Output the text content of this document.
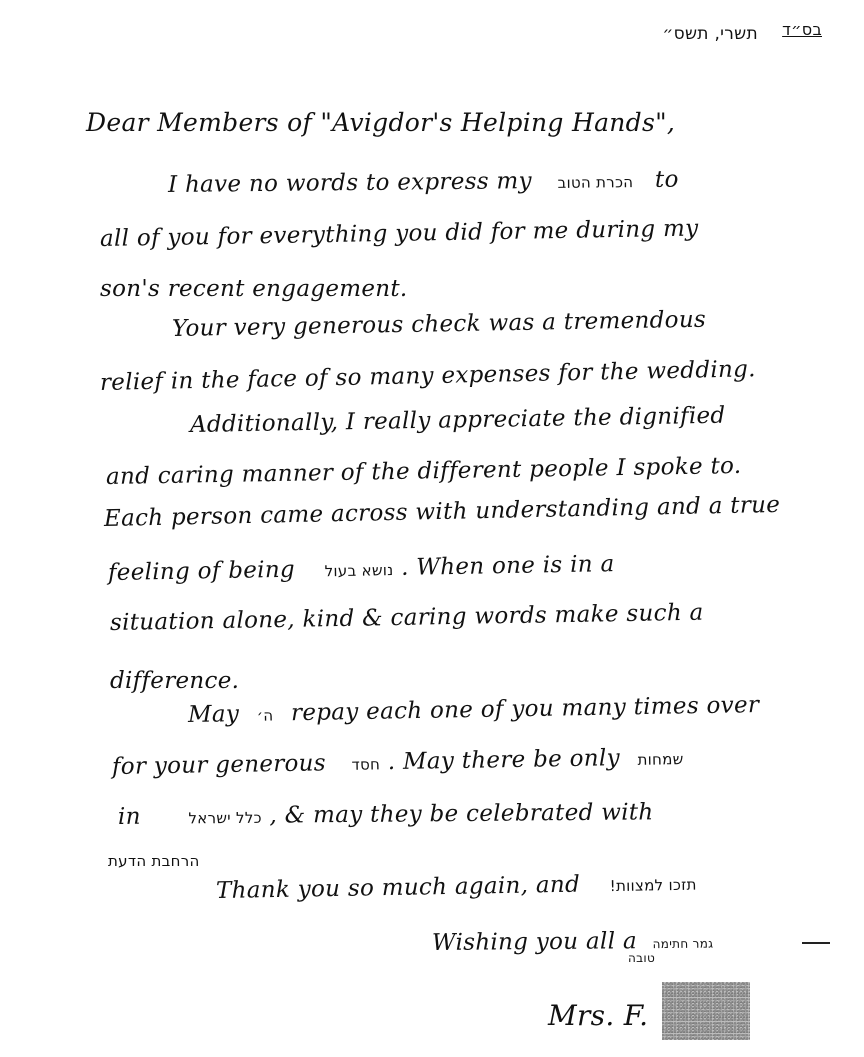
בס״ד
תשרי, תשס״
Dear Members of "Avigdor's Helping Hands",
I have no words to express my הכרת הטוב to
all of you for everything you did for me during my
son's recent engagement.
Your very generous check was a tremendous
relief in the face of so many expenses for the wedding.
Additionally, I really appreciate the dignified
and caring manner of the different people I spoke to.
Each person came across with understanding and a true
feeling of being נושא בעול . When one is in a
situation alone, kind & caring words make such a
difference.
May ה׳ repay each one of you many times over
for your generous חסד . May there be only שמחות
in	כלל ישראל , & may they be celebrated with
הרחבת הדעת
Thank you so much again, and תזכו למצוות!
Wishing you all a גמר חתימה
טובה
Mrs. F.
